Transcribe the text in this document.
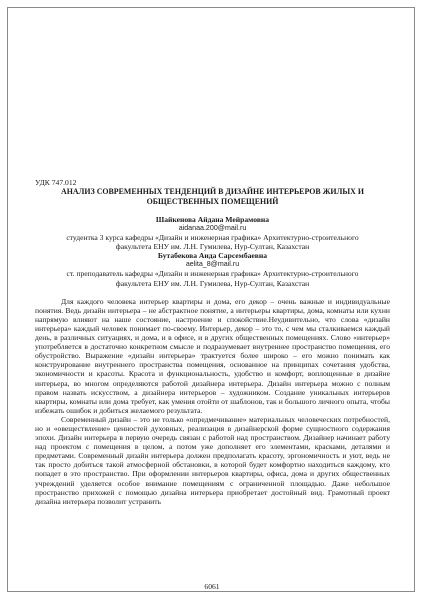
УДК 747.012

АНАЛИЗ СОВРЕМЕННЫХ ТЕНДЕНЦИЙ В ДИЗАЙНЕ ИНТЕРЬЕРОВ ЖИЛЫХ И

ОБЩЕСТВЕННЫХ ПОМЕЩЕНИЙ

Шайкенова Айдана Мейрамовна

aidanaa.200@mail.ru

студентка 3 курса кафедры «Дизайн и инженерная графика» Архитектурно-строительного

факультета ЕНУ им. Л.Н. Гумилева, Нур-Султан, Казахстан

Бутабекова Аида Сарсембаевна

aelita_8@mail.ru

ст. преподаватель кафедры «Дизайн и инженерная графика» Архитектурно-строительного

факультета ЕНУ им. Л.Н. Гумилева, Нур-Султан, Казахстан

Для каждого человека интерьер квартиры и дома, его декор – очень важные и индивидуальные понятия. Ведь дизайн интерьера – не абстрактное понятие, а интерьеры квартиры, дома, комнаты или кухни напрямую влияют на наше состояние, настроение и спокойствие.Неудивительно, что слова «дизайн интерьера» каждый человек понимает по-своему. Интерьер, декор – это то, с чем мы сталкиваемся каждый день, в различных ситуациях, и дома, и в офисе, и в других общественных помещениях. Слово «интерьер» употребляется в достаточно конкретном смысле и подразумевает внутреннее пространство помещения, его обустройство. Выражение «дизайн интерьера» трактуется более широко – его можно понимать как конструирование внутреннего пространства помещения, основанное на принципах сочетания удобства, экономичности и красоты. Красота и функциональность, удобство и комфорт, воплощенные в дизайне интерьера, во многом определяются работой дизайнера интерьера. Дизайн интерьера можно с полным правом назвать искусством, а дизайнера интерьеров – художником. Создание уникальных интерьеров квартиры, комнаты или дома требует, как умения отойти от шаблонов, так и большого личного опыта, чтобы избежать ошибок и добиться желаемого результата.

Современный дизайн – это не только «опредмечивание» материальных человеческих потребностей, но и «овеществление» ценностей духовных, реализация в дизайнерской форме сущностного содержания эпохи. Дизайн интерьера в первую очередь связан с работой над пространством. Дизайнер начинает работу над проектом с помещения в целом, а потом уже дополняет его элементами, красками, деталями и предметами. Современный дизайн интерьера должен предполагать красоту, эргономичность и уют, ведь не так просто добиться такой атмосферной обстановки, в которой будет комфортно находиться каждому, кто попадет в это пространство. При оформлении интерьеров квартиры, офиса, дома и других общественных учреждений уделяется особое внимание помещениям с ограниченной площадью. Даже небольшое пространство прихожей с помощью дизайна интерьера приобретает достойный вид. Грамотный проект дизайна интерьера позволит устранить

6061
